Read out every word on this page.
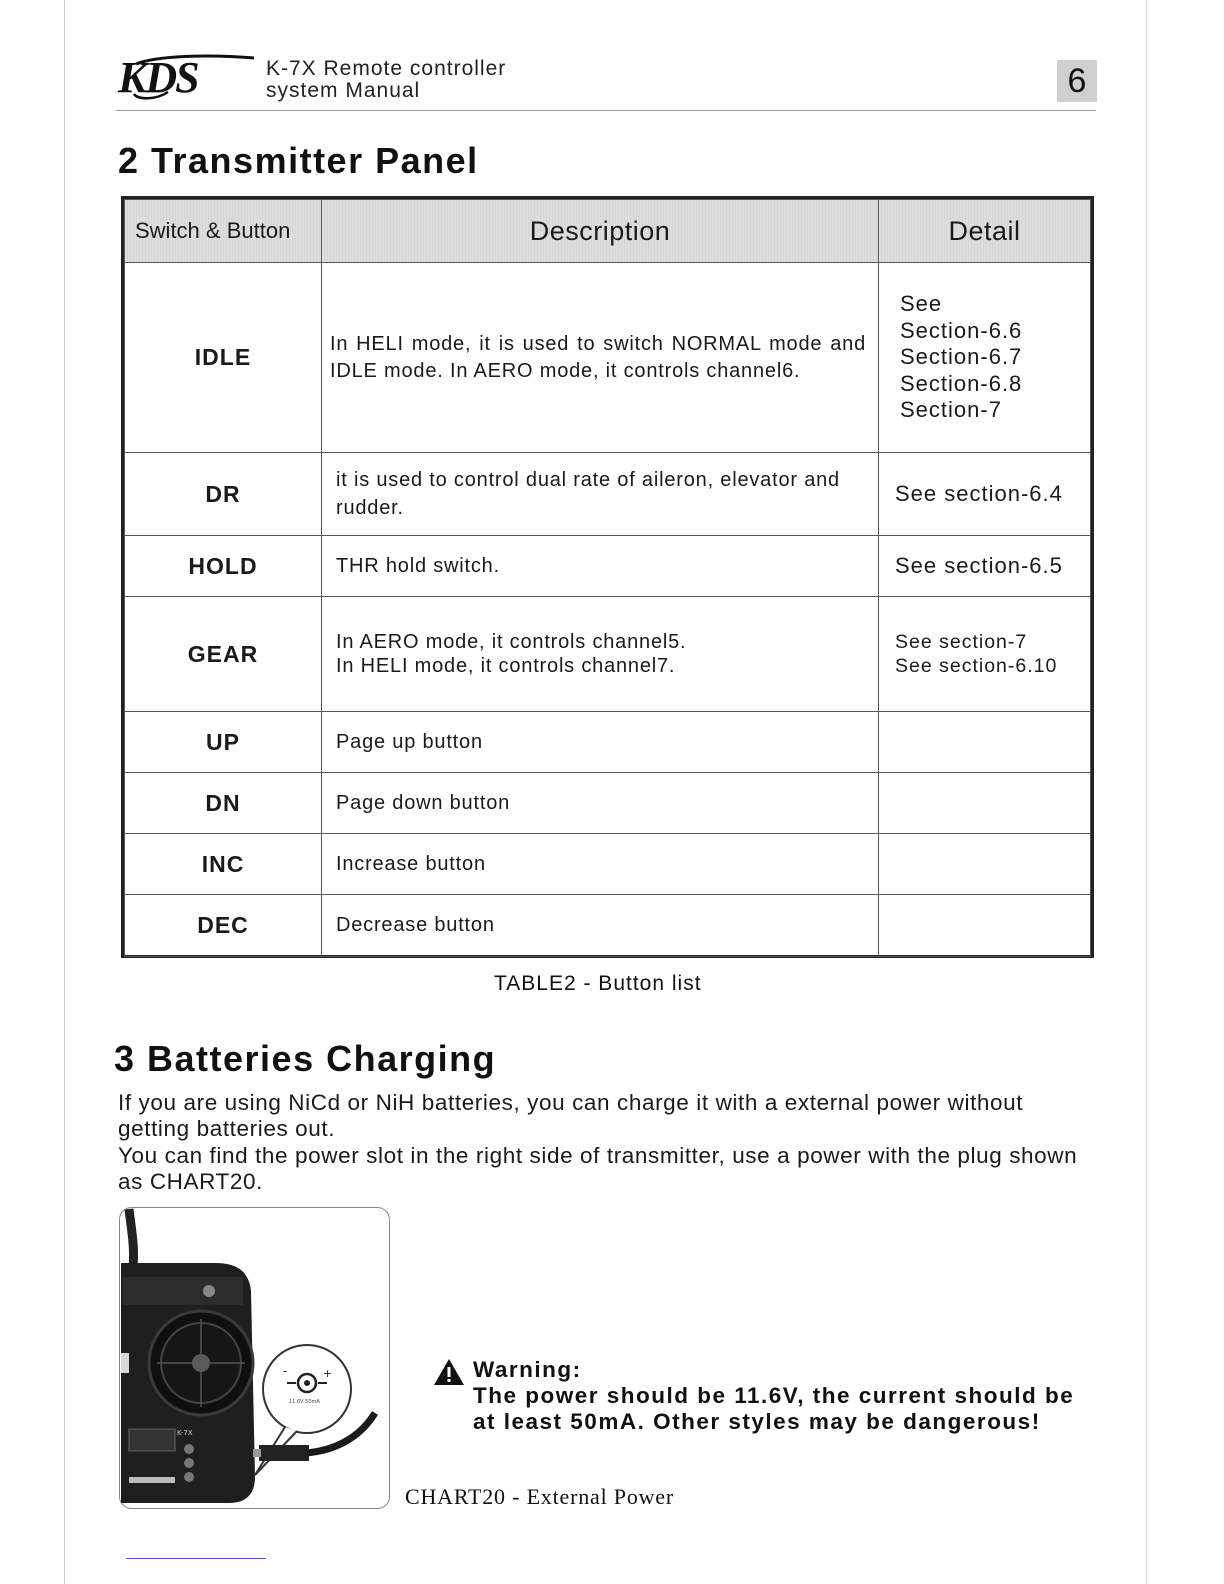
KDS	K-7X Remote controller
system Manual	6
2 Transmitter Panel
Switch & Button	Description	Detail
IDLE	In HELI mode, it is used to switch NORMAL mode and IDLE mode. In AERO mode, it controls channel6.	See
Section-6.6
Section-6.7
Section-6.8
Section-7

DR	it is used to control dual rate of aileron, elevator and rudder.	See section-6.4
HOLD	THR hold switch.	See section-6.5
GEAR	In AERO mode, it controls channel5.
In HELI mode, it controls channel7.	See section-7
See section-6.10

UP	Page up button	
DN	Page down button	
INC	Increase button	
DEC	Decrease button	
TABLE2 - Button list
3 Batteries Charging
If you are using NiCd or NiH batteries, you can charge it with a external power without getting batteries out.
You can find the power slot in the right side of transmitter, use a power with the plug shown as CHART20.
K-7X
-	+
11.6V 50mA
Warning:
The power should be 11.6V, the current should be at least 50mA. Other styles may be dangerous!
CHART20 - External Power
